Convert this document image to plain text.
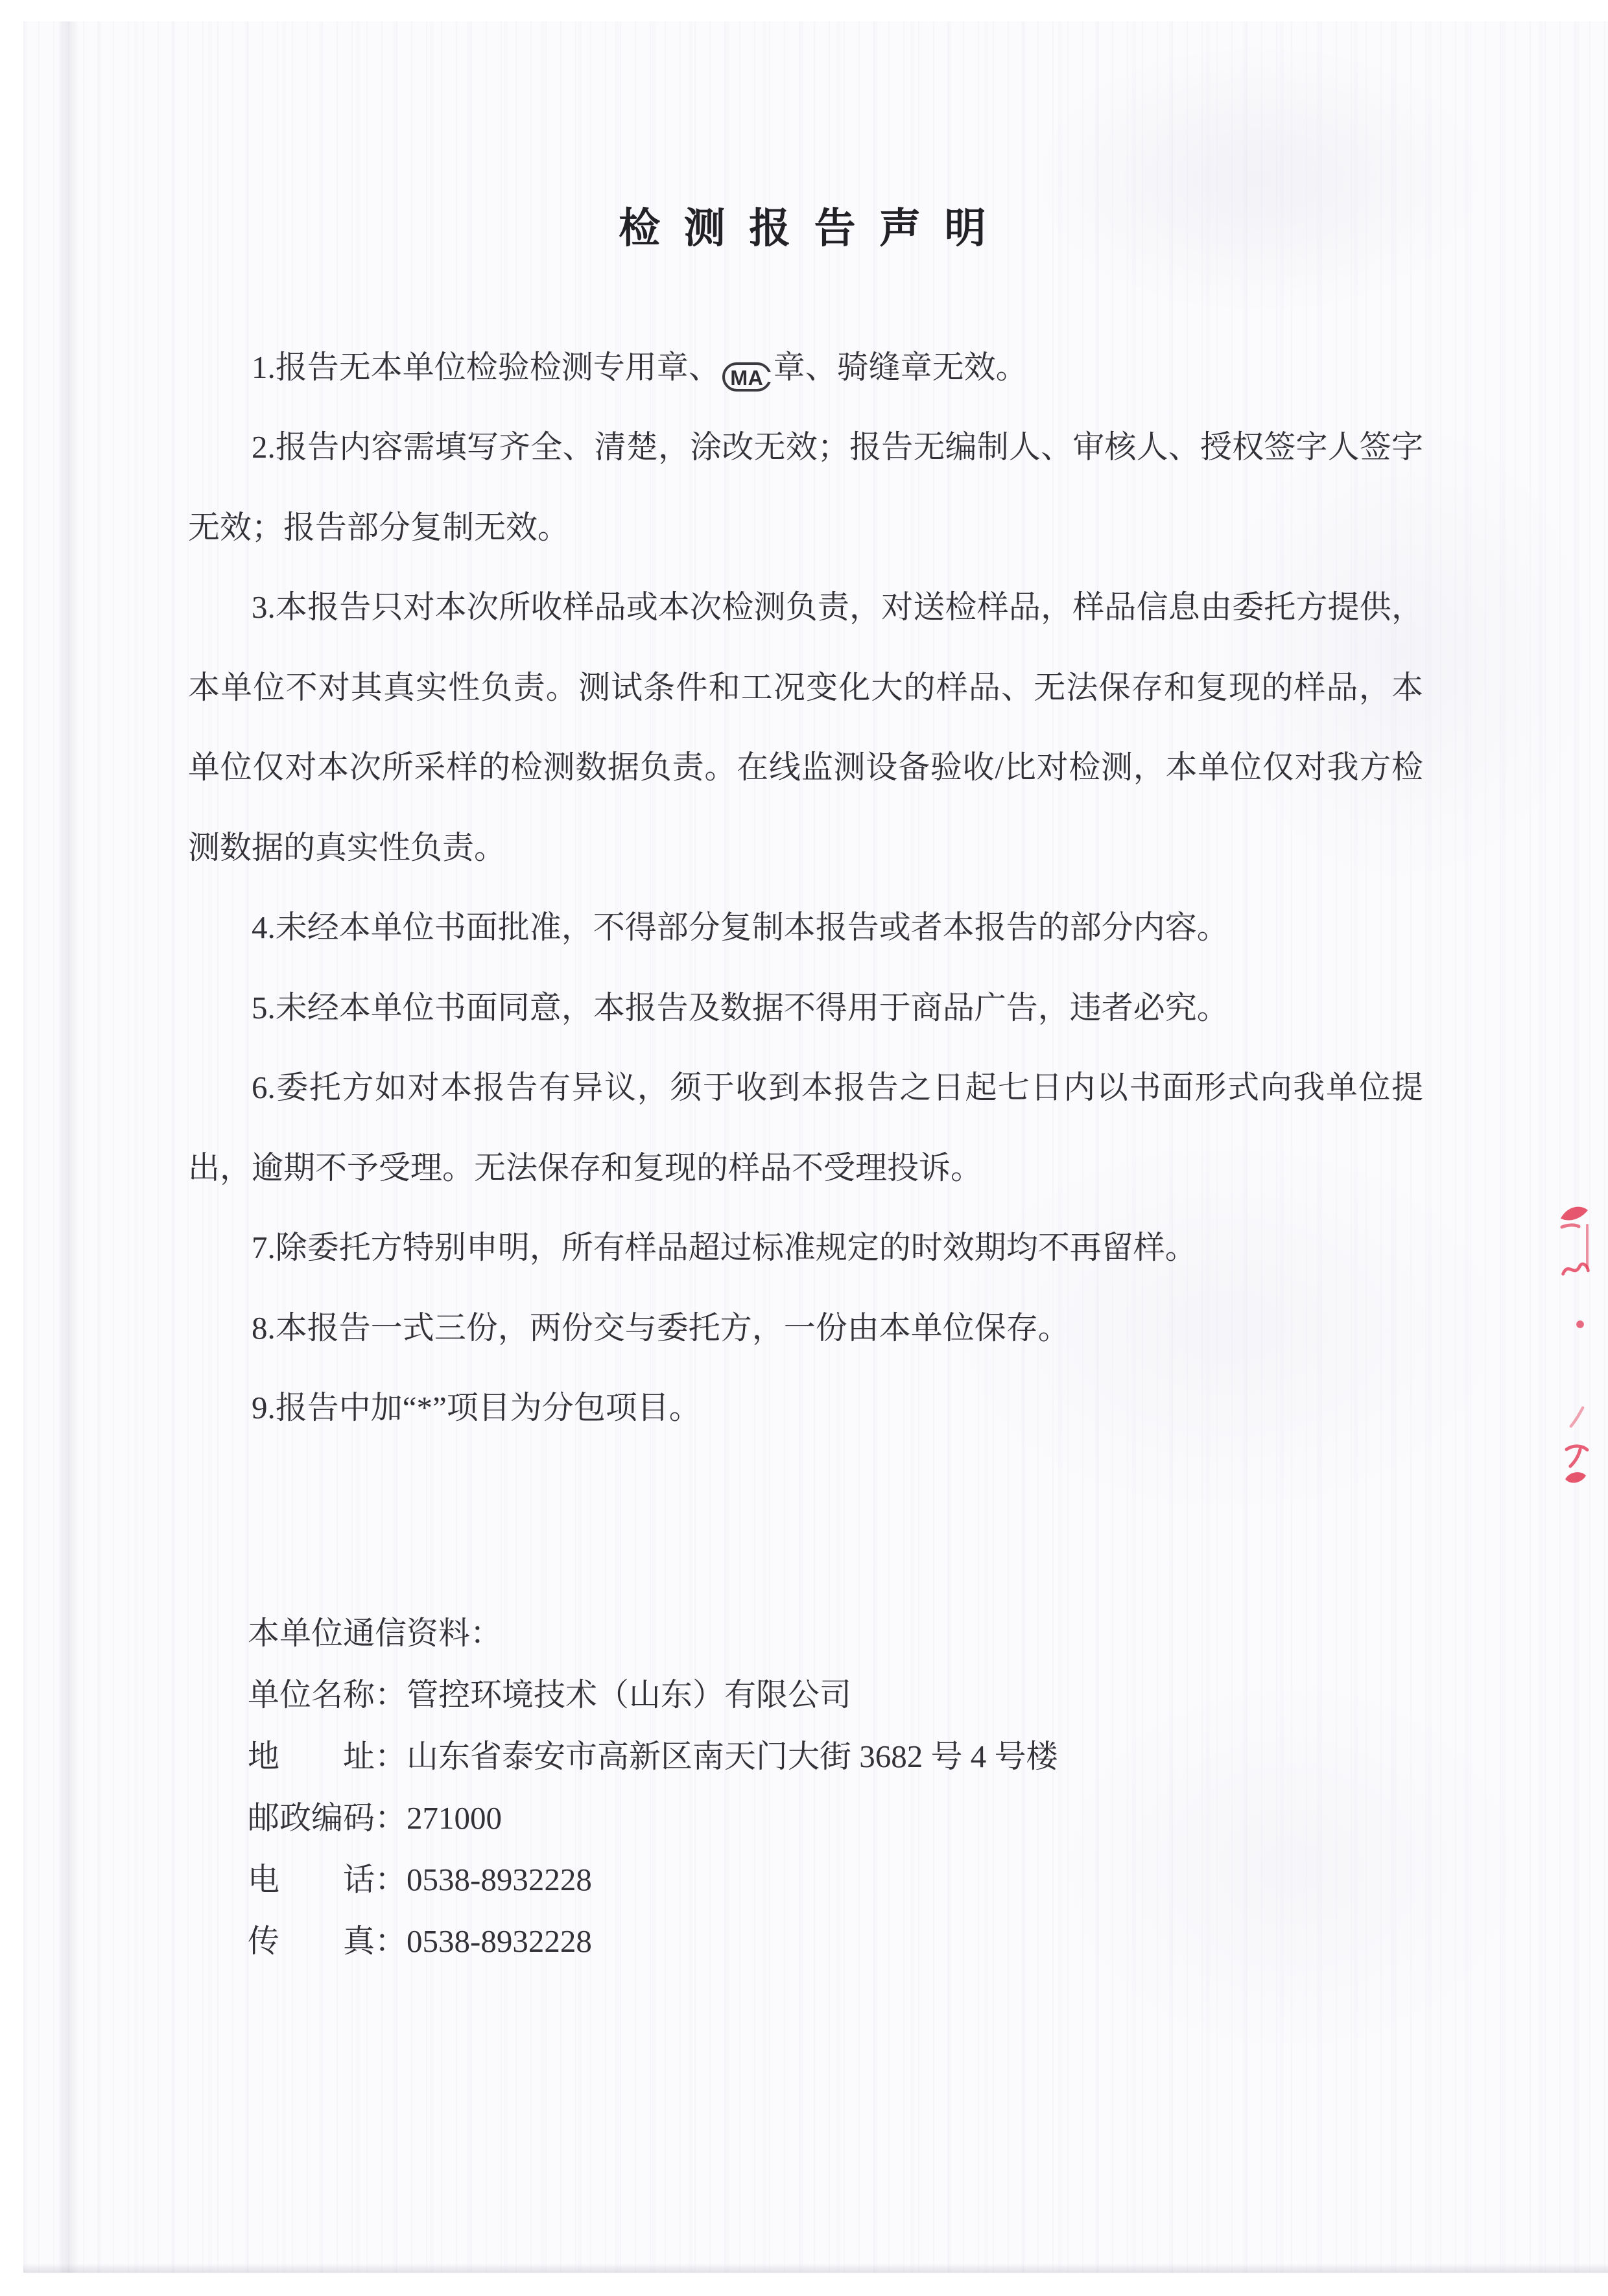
检 测 报 告 声 明

1.报告无本单位检验检测专用章、 MA 章、骑缝章无效。

2.报告内容需填写齐全、清楚，涂改无效；报告无编制人、审核人、授权签字人签字无效；报告部分复制无效。

3.本报告只对本次所收样品或本次检测负责，对送检样品，样品信息由委托方提供，本单位不对其真实性负责。测试条件和工况变化大的样品、无法保存和复现的样品，本单位仅对本次所采样的检测数据负责。在线监测设备验收/比对检测，本单位仅对我方检测数据的真实性负责。

4.未经本单位书面批准，不得部分复制本报告或者本报告的部分内容。

5.未经本单位书面同意，本报告及数据不得用于商品广告，违者必究。

6.委托方如对本报告有异议，须于收到本报告之日起七日内以书面形式向我单位提出，逾期不予受理。无法保存和复现的样品不受理投诉。

7.除委托方特别申明，所有样品超过标准规定的时效期均不再留样。

8.本报告一式三份，两份交与委托方，一份由本单位保存。

9.报告中加“*”项目为分包项目。

本单位通信资料：

单位名称：管控环境技术（山东）有限公司

地　　址：山东省泰安市高新区南天门大街 3682 号 4 号楼

邮政编码：271000

电　　话：0538-8932228

传　　真：0538-8932228
